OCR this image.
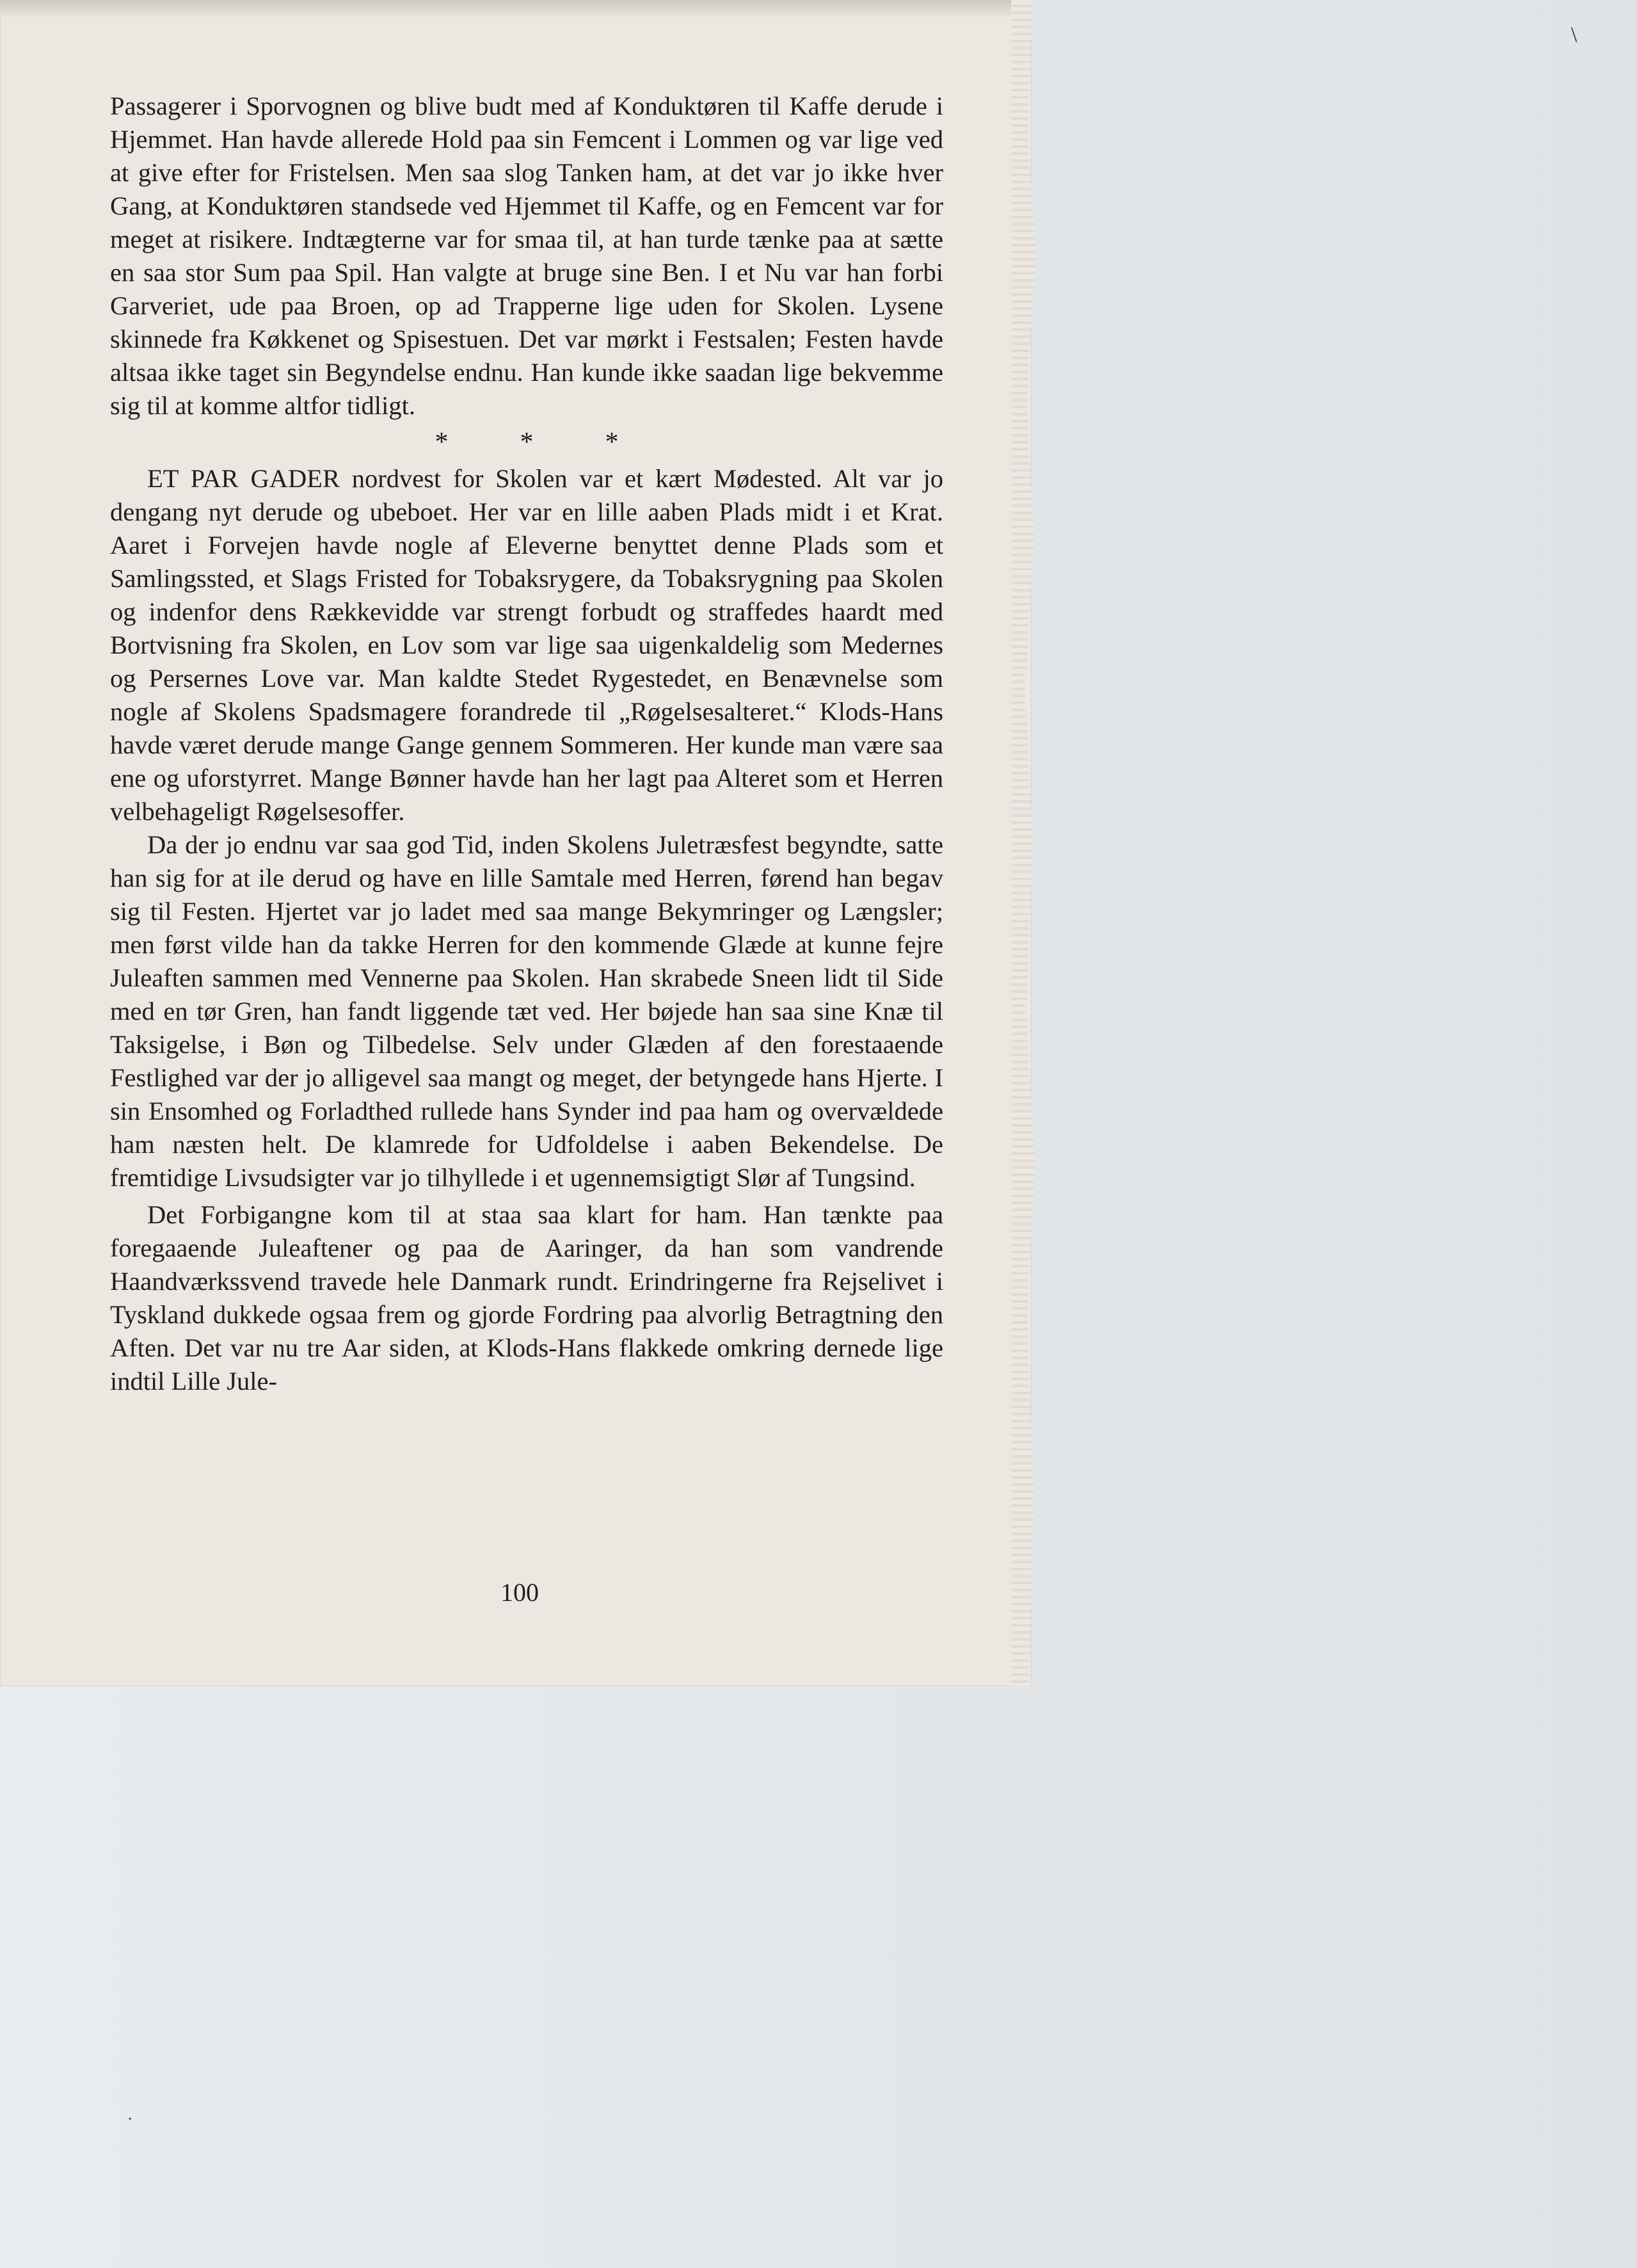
\
.

Passagerer i Sporvognen og blive budt med af Konduktøren til Kaffe derude i Hjemmet. Han havde allerede Hold paa sin Femcent i Lommen og var lige ved at give efter for Fristelsen. Men saa slog Tanken ham, at det var jo ikke hver Gang, at Konduktøren standsede ved Hjemmet til Kaffe, og en Femcent var for meget at risikere. Indtægterne var for smaa til, at han turde tænke paa at sætte en saa stor Sum paa Spil. Han valgte at bruge sine Ben. I et Nu var han forbi Garveriet, ude paa Broen, op ad Trapperne lige uden for Skolen. Lysene skinnede fra Køkkenet og Spisestuen. Det var mørkt i Festsalen; Festen havde altsaa ikke taget sin Begyndelse endnu. Han kunde ikke saadan lige bekvemme sig til at komme altfor tidligt.

*	*	*

ET PAR GADER nordvest for Skolen var et kært Mødested. Alt var jo dengang nyt derude og ubeboet. Her var en lille aaben Plads midt i et Krat. Aaret i Forvejen havde nogle af Eleverne benyttet denne Plads som et Samlingssted, et Slags Fristed for Tobaksrygere, da Tobaksrygning paa Skolen og indenfor dens Rækkevidde var strengt forbudt og straffedes haardt med Bortvisning fra Skolen, en Lov som var lige saa uigenkaldelig som Medernes og Persernes Love var. Man kaldte Stedet Rygestedet, en Benævnelse som nogle af Skolens Spadsmagere forandrede til „Røgelsesalteret.“ Klods-Hans havde været derude mange Gange gennem Sommeren. Her kunde man være saa ene og uforstyrret. Mange Bønner havde han her lagt paa Alteret som et Herren velbehageligt Røgelsesoffer.

Da der jo endnu var saa god Tid, inden Skolens Juletræsfest begyndte, satte han sig for at ile derud og have en lille Samtale med Herren, førend han begav sig til Festen. Hjertet var jo ladet med saa mange Bekymringer og Længsler; men først vilde han da takke Herren for den kommende Glæde at kunne fejre Juleaften sammen med Vennerne paa Skolen. Han skrabede Sneen lidt til Side med en tør Gren, han fandt liggende tæt ved. Her bøjede han saa sine Knæ til Taksigelse, i Bøn og Tilbedelse. Selv under Glæden af den forestaaende Festlighed var der jo alligevel saa mangt og meget, der betyngede hans Hjerte. I sin Ensomhed og Forladthed rullede hans Synder ind paa ham og overvældede ham næsten helt. De klamrede for Udfoldelse i aaben Bekendelse. De fremtidige Livsudsigter var jo tilhyllede i et ugennemsigtigt Slør af Tungsind.

Det Forbigangne kom til at staa saa klart for ham. Han tænkte paa foregaaende Juleaftener og paa de Aaringer, da han som vandrende Haandværkssvend travede hele Danmark rundt. Erindringerne fra Rejselivet i Tyskland dukkede ogsaa frem og gjorde Fordring paa alvorlig Betragtning den Aften. Det var nu tre Aar siden, at Klods-Hans flakkede omkring dernede lige indtil Lille Jule-

100
